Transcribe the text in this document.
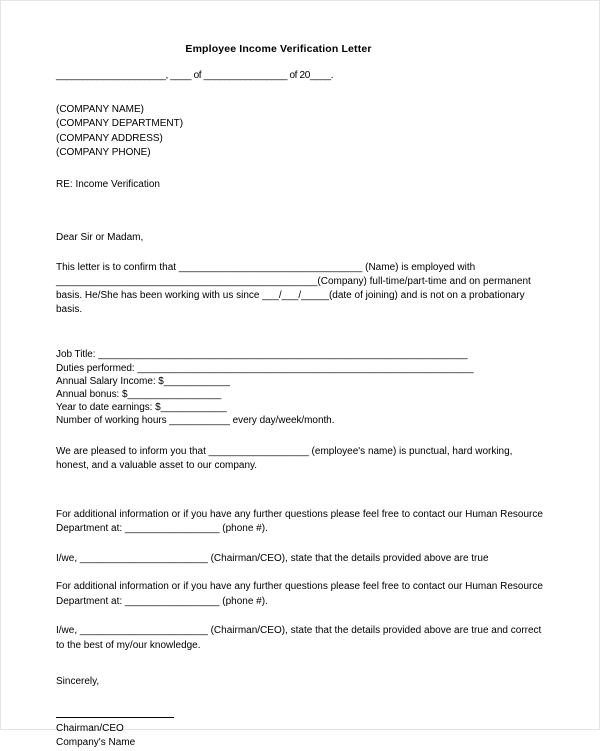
Employee Income Verification Letter
_____________________, ____ of ________________ of 20____.
(COMPANY NAME)
(COMPANY DEPARTMENT)
(COMPANY ADDRESS)
(COMPANY PHONE)
RE: Income Verification
Dear Sir or Madam,
This letter is to confirm that _________________________________ (Name) is employed with _______________________________________________(Company) full-time/part-time and on permanent basis. He/She has been working with us since ___/___/_____(date of joining) and is not on a probationary basis.
Job Title: ___________________________________________________________________
Duties performed: _____________________________________________________________
Annual Salary Income: $____________
Annual bonus: $_________________
Year to date earnings: $____________
Number of working hours ___________ every day/week/month.
We are pleased to inform you that __________________ (employee's name) is punctual, hard working, honest, and a valuable asset to our company.
For additional information or if you have any further questions please feel free to contact our Human Resource Department at: _________________ (phone #).
I/we, _______________________ (Chairman/CEO), state that the details provided above are true
For additional information or if you have any further questions please feel free to contact our Human Resource Department at: _________________ (phone #).
I/we, _______________________ (Chairman/CEO), state that the details provided above are true and correct to the best of my/our knowledge.
Sincerely,
Chairman/CEO
Company's Name
